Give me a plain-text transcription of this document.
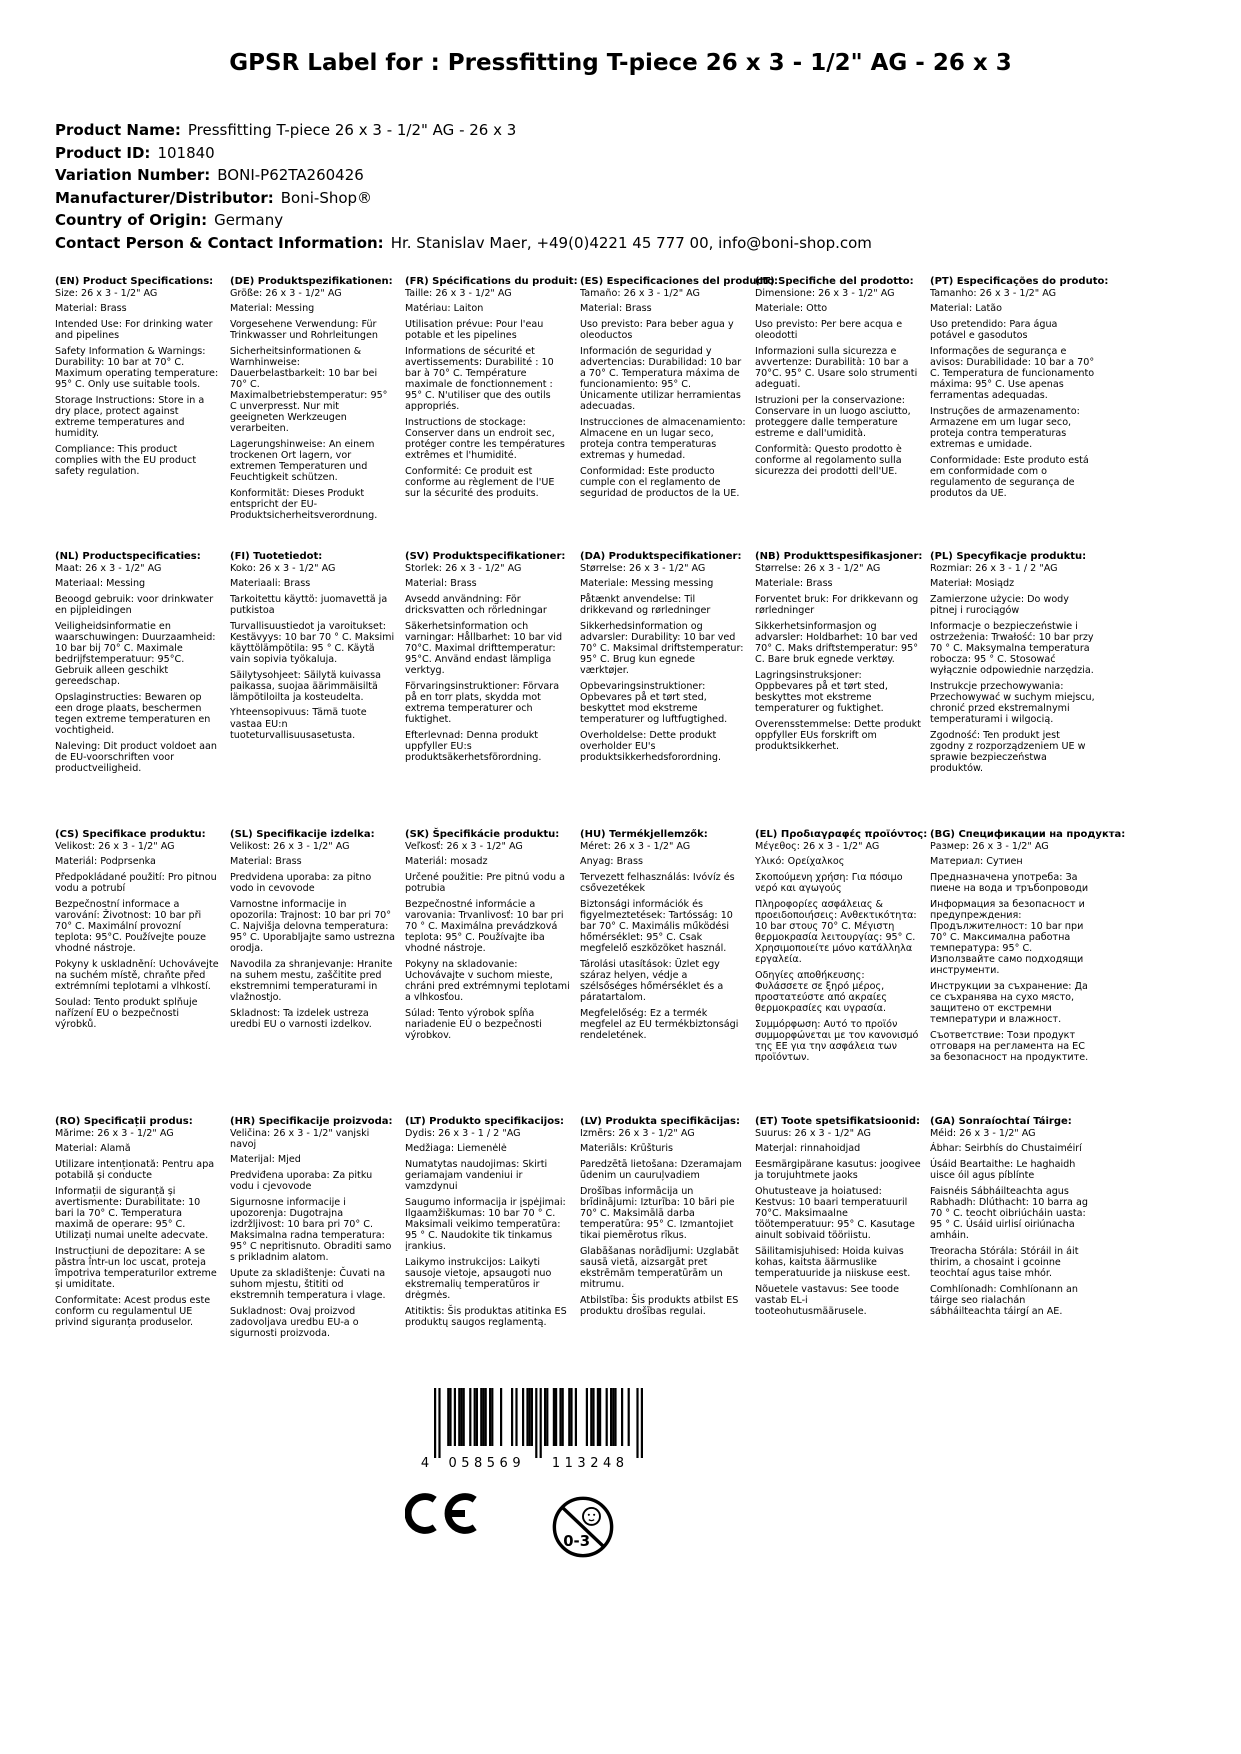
GPSR Label for : Pressfitting T-piece 26 x 3 - 1/2" AG - 26 x 3
Product Name: Pressfitting T-piece 26 x 3 - 1/2" AG - 26 x 3
Product ID: 101840
Variation Number: BONI-P62TA260426
Manufacturer/Distributor: Boni-Shop®
Country of Origin: Germany
Contact Person & Contact Information: Hr. Stanislav Maer, +49(0)4221 45 777 00, info@boni-shop.com
(EN) Product Specifications:

Size: 26 x 3 - 1/2" AG

Material: Brass

Intended Use: For drinking water and pipelines

Safety Information & Warnings: Durability: 10 bar at 70° C. Maximum operating temperature: 95° C. Only use suitable tools.

Storage Instructions: Store in a dry place, protect against extreme temperatures and humidity.

Compliance: This product complies with the EU product safety regulation.

(DE) Produktspezifikationen:

Größe: 26 x 3 - 1/2" AG

Material: Messing

Vorgesehene Verwendung: Für Trinkwasser und Rohrleitungen

Sicherheitsinformationen & Warnhinweise: Dauerbelastbarkeit: 10 bar bei 70° C. Maximalbetriebstemperatur: 95° C unverpresst. Nur mit geeigneten Werkzeugen verarbeiten.

Lagerungshinweise: An einem trockenen Ort lagern, vor extremen Temperaturen und Feuchtigkeit schützen.

Konformität: Dieses Produkt entspricht der EU-Produktsicherheitsverordnung.

(FR) Spécifications du produit:

Taille: 26 x 3 - 1/2" AG

Matériau: Laiton

Utilisation prévue: Pour l'eau potable et les pipelines

Informations de sécurité et avertissements: Durabilité : 10 bar à 70° C. Température maximale de fonctionnement : 95° C. N'utiliser que des outils appropriés.

Instructions de stockage: Conserver dans un endroit sec, protéger contre les températures extrêmes et l'humidité.

Conformité: Ce produit est conforme au règlement de l'UE sur la sécurité des produits.

(ES) Especificaciones del producto:

Tamaño: 26 x 3 - 1/2" AG

Material: Brass

Uso previsto: Para beber agua y oleoductos

Información de seguridad y advertencias: Durabilidad: 10 bar a 70° C. Temperatura máxima de funcionamiento: 95° C. Únicamente utilizar herramientas adecuadas.

Instrucciones de almacenamiento: Almacene en un lugar seco, proteja contra temperaturas extremas y humedad.

Conformidad: Este producto cumple con el reglamento de seguridad de productos de la UE.

(IT) Specifiche del prodotto:

Dimensione: 26 x 3 - 1/2" AG

Materiale: Otto

Uso previsto: Per bere acqua e oleodotti

Informazioni sulla sicurezza e avvertenze: Durabilità: 10 bar a 70°C. 95° C. Usare solo strumenti adeguati.

Istruzioni per la conservazione: Conservare in un luogo asciutto, proteggere dalle temperature estreme e dall'umidità.

Conformità: Questo prodotto è conforme al regolamento sulla sicurezza dei prodotti dell'UE.

(PT) Especificações do produto:

Tamanho: 26 x 3 - 1/2" AG

Material: Latão

Uso pretendido: Para água potável e gasodutos

Informações de segurança e avisos: Durabilidade: 10 bar a 70° C. Temperatura de funcionamento máxima: 95° C. Use apenas ferramentas adequadas.

Instruções de armazenamento: Armazene em um lugar seco, proteja contra temperaturas extremas e umidade.

Conformidade: Este produto está em conformidade com o regulamento de segurança de produtos da UE.

(NL) Productspecificaties:

Maat: 26 x 3 - 1/2" AG

Materiaal: Messing

Beoogd gebruik: voor drinkwater en pijpleidingen

Veiligheidsinformatie en waarschuwingen: Duurzaamheid: 10 bar bij 70° C. Maximale bedrijfstemperatuur: 95°C. Gebruik alleen geschikt gereedschap.

Opslaginstructies: Bewaren op een droge plaats, beschermen tegen extreme temperaturen en vochtigheid.

Naleving: Dit product voldoet aan de EU-voorschriften voor productveiligheid.

(FI) Tuotetiedot:

Koko: 26 x 3 - 1/2" AG

Materiaali: Brass

Tarkoitettu käyttö: juomavettä ja putkistoa

Turvallisuustiedot ja varoitukset: Kestävyys: 10 bar 70 ° C. Maksimi käyttölämpötila: 95 ° C. Käytä vain sopivia työkaluja.

Säilytysohjeet: Säilytä kuivassa paikassa, suojaa äärimmäisiltä lämpötiloilta ja kosteudelta.

Yhteensopivuus: Tämä tuote vastaa EU:n tuoteturvallisuusasetusta.

(SV) Produktspecifikationer:

Storlek: 26 x 3 - 1/2" AG

Material: Brass

Avsedd användning: För dricksvatten och rörledningar

Säkerhetsinformation och varningar: Hållbarhet: 10 bar vid 70°C. Maximal drifttemperatur: 95°C. Använd endast lämpliga verktyg.

Förvaringsinstruktioner: Förvara på en torr plats, skydda mot extrema temperaturer och fuktighet.

Efterlevnad: Denna produkt uppfyller EU:s produktsäkerhetsförordning.

(DA) Produktspecifikationer:

Størrelse: 26 x 3 - 1/2" AG

Materiale: Messing messing

Påtænkt anvendelse: Til drikkevand og rørledninger

Sikkerhedsinformation og advarsler: Durability: 10 bar ved 70° C. Maksimal driftstemperatur: 95° C. Brug kun egnede værktøjer.

Opbevaringsinstruktioner: Opbevares på et tørt sted, beskyttet mod ekstreme temperaturer og luftfugtighed.

Overholdelse: Dette produkt overholder EU's produktsikkerhedsforordning.

(NB) Produkttspesifikasjoner:

Størrelse: 26 x 3 - 1/2" AG

Materiale: Brass

Forventet bruk: For drikkevann og rørledninger

Sikkerhetsinformasjon og advarsler: Holdbarhet: 10 bar ved 70° C. Maks driftstemperatur: 95° C. Bare bruk egnede verktøy.

Lagringsinstruksjoner: Oppbevares på et tørt sted, beskyttes mot ekstreme temperaturer og fuktighet.

Overensstemmelse: Dette produkt oppfyller EUs forskrift om produktsikkerhet.

(PL) Specyfikacje produktu:

Rozmiar: 26 x 3 - 1 / 2 "AG

Materiał: Mosiądz

Zamierzone użycie: Do wody pitnej i rurociągów

Informacje o bezpieczeństwie i ostrzeżenia: Trwałość: 10 bar przy 70 ° C. Maksymalna temperatura robocza: 95 ° C. Stosować wyłącznie odpowiednie narzędzia.

Instrukcje przechowywania: Przechowywać w suchym miejscu, chronić przed ekstremalnymi temperaturami i wilgocią.

Zgodność: Ten produkt jest zgodny z rozporządzeniem UE w sprawie bezpieczeństwa produktów.

(CS) Specifikace produktu:

Velikost: 26 x 3 - 1/2" AG

Materiál: Podprsenka

Předpokládané použití: Pro pitnou vodu a potrubí

Bezpečnostní informace a varování: Životnost: 10 bar při 70° C. Maximální provozní teplota: 95°C. Používejte pouze vhodné nástroje.

Pokyny k uskladnění: Uchovávejte na suchém místě, chraňte před extrémními teplotami a vlhkostí.

Soulad: Tento produkt splňuje nařízení EU o bezpečnosti výrobků.

(SL) Specifikacije izdelka:

Velikost: 26 x 3 - 1/2" AG

Material: Brass

Predvidena uporaba: za pitno vodo in cevovode

Varnostne informacije in opozorila: Trajnost: 10 bar pri 70° C. Najvišja delovna temperatura: 95° C. Uporabljajte samo ustrezna orodja.

Navodila za shranjevanje: Hranite na suhem mestu, zaščitite pred ekstremnimi temperaturami in vlažnostjo.

Skladnost: Ta izdelek ustreza uredbi EU o varnosti izdelkov.

(SK) Špecifikácie produktu:

Veľkosť: 26 x 3 - 1/2" AG

Materiál: mosadz

Určené použitie: Pre pitnú vodu a potrubia

Bezpečnostné informácie a varovania: Trvanlivosť: 10 bar pri 70 ° C. Maximálna prevádzková teplota: 95° C. Používajte iba vhodné nástroje.

Pokyny na skladovanie: Uchovávajte v suchom mieste, chráni pred extrémnymi teplotami a vlhkosťou.

Súlad: Tento výrobok spĺňa nariadenie EÚ o bezpečnosti výrobkov.

(HU) Termékjellemzők:

Méret: 26 x 3 - 1/2" AG

Anyag: Brass

Tervezett felhasználás: Ivóvíz és csővezetékek

Biztonsági információk és figyelmeztetések: Tartósság: 10 bar 70° C. Maximális működési hőmérséklet: 95° C. Csak megfelelő eszközöket használ.

Tárolási utasítások: Üzlet egy száraz helyen, védje a szélsőséges hőmérséklet és a páratartalom.

Megfelelőség: Ez a termék megfelel az EU termékbiztonsági rendeletének.

(EL) Προδιαγραφές προϊόντος:

Μέγεθος: 26 x 3 - 1/2" AG

Υλικό: Ορείχαλκος

Σκοπούμενη χρήση: Για πόσιμο νερό και αγωγούς

Πληροφορίες ασφάλειας & προειδοποιήσεις: Ανθεκτικότητα: 10 bar στους 70° C. Μέγιστη θερμοκρασία λειτουργίας: 95° C. Χρησιμοποιείτε μόνο κατάλληλα εργαλεία.

Οδηγίες αποθήκευσης: Φυλάσσετε σε ξηρό μέρος, προστατεύστε από ακραίες θερμοκρασίες και υγρασία.

Συμμόρφωση: Αυτό το προϊόν συμμορφώνεται με τον κανονισμό της ΕΕ για την ασφάλεια των προϊόντων.

(BG) Спецификации на продукта:

Размер: 26 x 3 - 1/2" AG

Материал: Сутиен

Предназначена употреба: За пиене на вода и тръбопроводи

Информация за безопасност и предупреждения: Продължителност: 10 bar при 70° C. Максимална работна температура: 95° C. Използвайте само подходящи инструменти.

Инструкции за съхранение: Да се съхранява на сухо място, защитено от екстремни температури и влажност.

Съответствие: Този продукт отговаря на регламента на ЕС за безопасност на продуктите.

(RO) Specificații produs:

Mărime: 26 x 3 - 1/2" AG

Material: Alamă

Utilizare intenționată: Pentru apa potabilă și conducte

Informații de siguranță și avertismente: Durabilitate: 10 bari la 70° C. Temperatura maximă de operare: 95° C. Utilizați numai unelte adecvate.

Instrucțiuni de depozitare: A se păstra într-un loc uscat, proteja împotriva temperaturilor extreme și umiditate.

Conformitate: Acest produs este conform cu regulamentul UE privind siguranța produselor.

(HR) Specifikacije proizvoda:

Veličina: 26 x 3 - 1/2" vanjski navoj

Materijal: Mjed

Predviđena uporaba: Za pitku vodu i cjevovode

Sigurnosne informacije i upozorenja: Dugotrajna izdržljivost: 10 bara pri 70° C. Maksimalna radna temperatura: 95° C nepritisnuto. Obraditi samo s prikladnim alatom.

Upute za skladištenje: Čuvati na suhom mjestu, štititi od ekstremnih temperatura i vlage.

Sukladnost: Ovaj proizvod zadovoljava uredbu EU-a o sigurnosti proizvoda.

(LT) Produkto specifikacijos:

Dydis: 26 x 3 - 1 / 2 "AG

Medžiaga: Liemenėlė

Numatytas naudojimas: Skirti geriamajam vandeniui ir vamzdynui

Saugumo informacija ir įspėjimai: Ilgaamžiškumas: 10 bar 70 ° C. Maksimali veikimo temperatūra: 95 ° C. Naudokite tik tinkamus įrankius.

Laikymo instrukcijos: Laikyti sausoje vietoje, apsaugoti nuo ekstremalių temperatūros ir drėgmės.

Atitiktis: Šis produktas atitinka ES produktų saugos reglamentą.

(LV) Produkta specifikācijas:

Izmērs: 26 x 3 - 1/2" AG

Materiāls: Krūšturis

Paredzētā lietošana: Dzeramajam ūdenim un cauruļvadiem

Drošības informācija un brīdinājumi: Izturība: 10 bāri pie 70° C. Maksimālā darba temperatūra: 95° C. Izmantojiet tikai piemērotus rīkus.

Glabāšanas norādījumi: Uzglabāt sausā vietā, aizsargāt pret ekstrēmām temperatūrām un mitrumu.

Atbilstība: Šis produkts atbilst ES produktu drošības regulai.

(ET) Toote spetsifikatsioonid:

Suurus: 26 x 3 - 1/2" AG

Materjal: rinnahoidjad

Eesmärgipärane kasutus: joogivee ja torujuhtmete jaoks

Ohutusteave ja hoiatused: Kestvus: 10 baari temperatuuril 70°C. Maksimaalne töötemperatuur: 95° C. Kasutage ainult sobivaid tööriistu.

Säilitamisjuhised: Hoida kuivas kohas, kaitsta äärmuslike temperatuuride ja niiskuse eest.

Nõuetele vastavus: See toode vastab EL-i tooteohutusmäärusele.

(GA) Sonraíochtaí Táirge:

Méid: 26 x 3 - 1/2" AG

Ábhar: Seirbhís do Chustaiméirí

Úsáid Beartaithe: Le haghaidh uisce óil agus píblínte

Faisnéis Sábháilteachta agus Rabhadh: Dlúthacht: 10 barra ag 70 ° C. teocht oibriúcháin uasta: 95 ° C. Úsáid uirlisí oiriúnacha amháin.

Treoracha Stórála: Stóráil in áit thirim, a chosaint i gcoinne teochtaí agus taise mhór.

Comhlíonadh: Comhlíonann an táirge seo rialachán sábháilteachta táirgí an AE.

4 058569 113248
0-3
